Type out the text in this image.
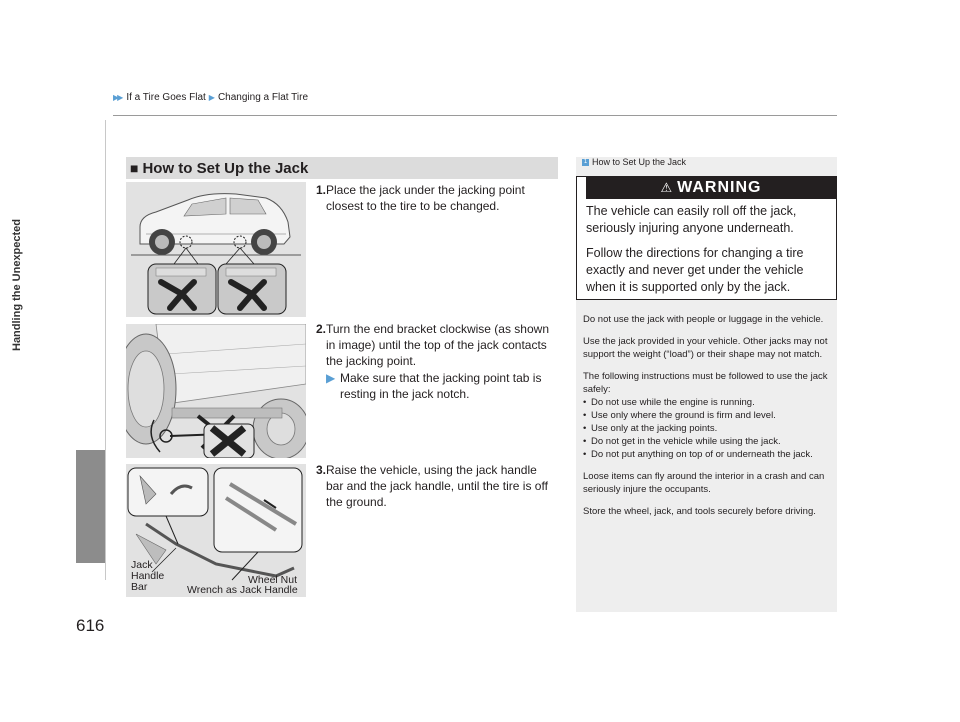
▶▶ If a Tire Goes Flat ▶ Changing a Flat Tire
Handling the Unexpected
616
■ How to Set Up the Jack
Jack
Handle
Bar
Wheel Nut
Wrench as Jack Handle
1. Place the jack under the jacking point closest to the tire to be changed.
2. Turn the end bracket clockwise (as shown in image) until the top of the jack contacts the jacking point.
▶ Make sure that the jacking point tab is resting in the jack notch.
3. Raise the vehicle, using the jack handle bar and the jack handle, until the tire is off the ground.
1 How to Set Up the Jack
⚠ WARNING
The vehicle can easily roll off the jack, seriously injuring anyone underneath.
Follow the directions for changing a tire exactly and never get under the vehicle when it is supported only by the jack.

Do not use the jack with people or luggage in the vehicle.

Use the jack provided in your vehicle. Other jacks may not support the weight (“load”) or their shape may not match.

The following instructions must be followed to use the jack safely:

• Do not use while the engine is running.
• Use only where the ground is firm and level.
• Use only at the jacking points.
• Do not get in the vehicle while using the jack.
• Do not put anything on top of or underneath the jack.

Loose items can fly around the interior in a crash and can seriously injure the occupants.

Store the wheel, jack, and tools securely before driving.
